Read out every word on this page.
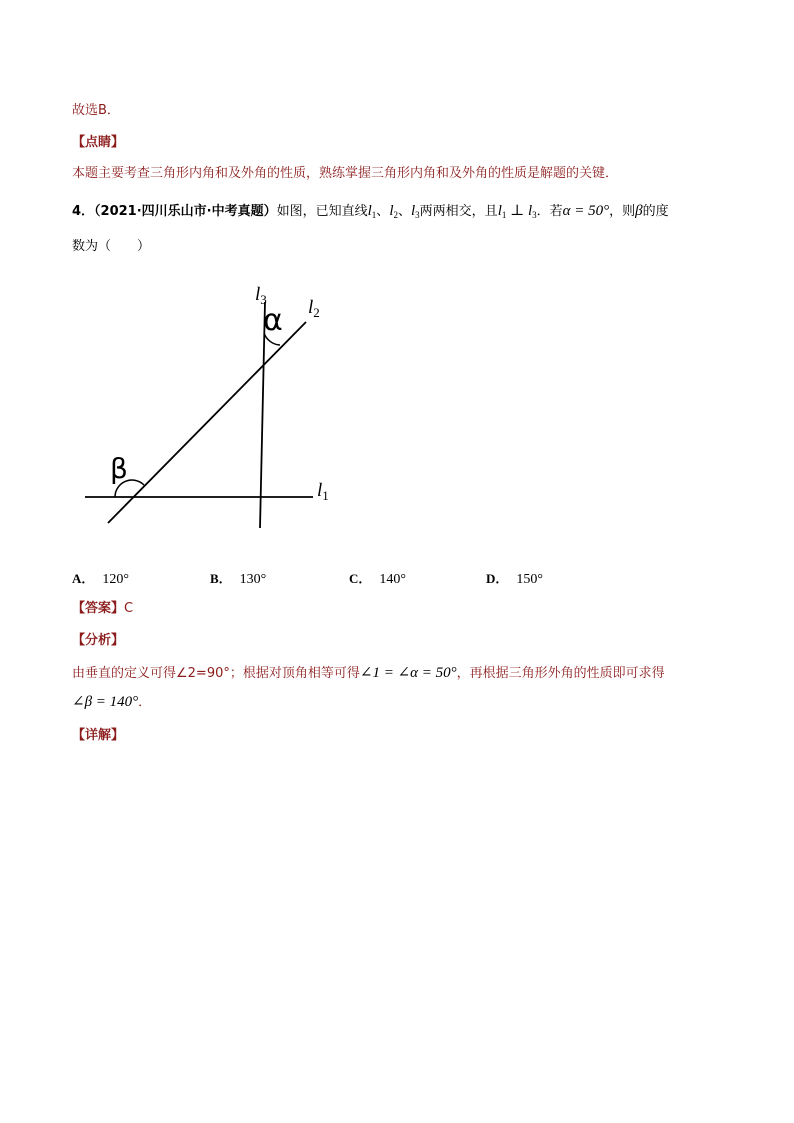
故选B．
【点睛】
本题主要考查三角形内角和及外角的性质，熟练掌握三角形内角和及外角的性质是解题的关键．
4．（2021·四川乐山市·中考真题）如图，已知直线$l_1$、$l_2$、$l_3$两两相交，且$l_1$ ⊥ $l_3$．若α = 50°，则β的度
数为（　　）
$l_3$ $l_2$
$l_1$
α
β
A． 120°	B． 130°	C． 140°	D． 150°
【答案】C
【分析】
由垂直的定义可得∠2=90°；根据对顶角相等可得∠1 = ∠α = 50°，再根据三角形外角的性质即可求得
∠β = 140°．
【详解】
